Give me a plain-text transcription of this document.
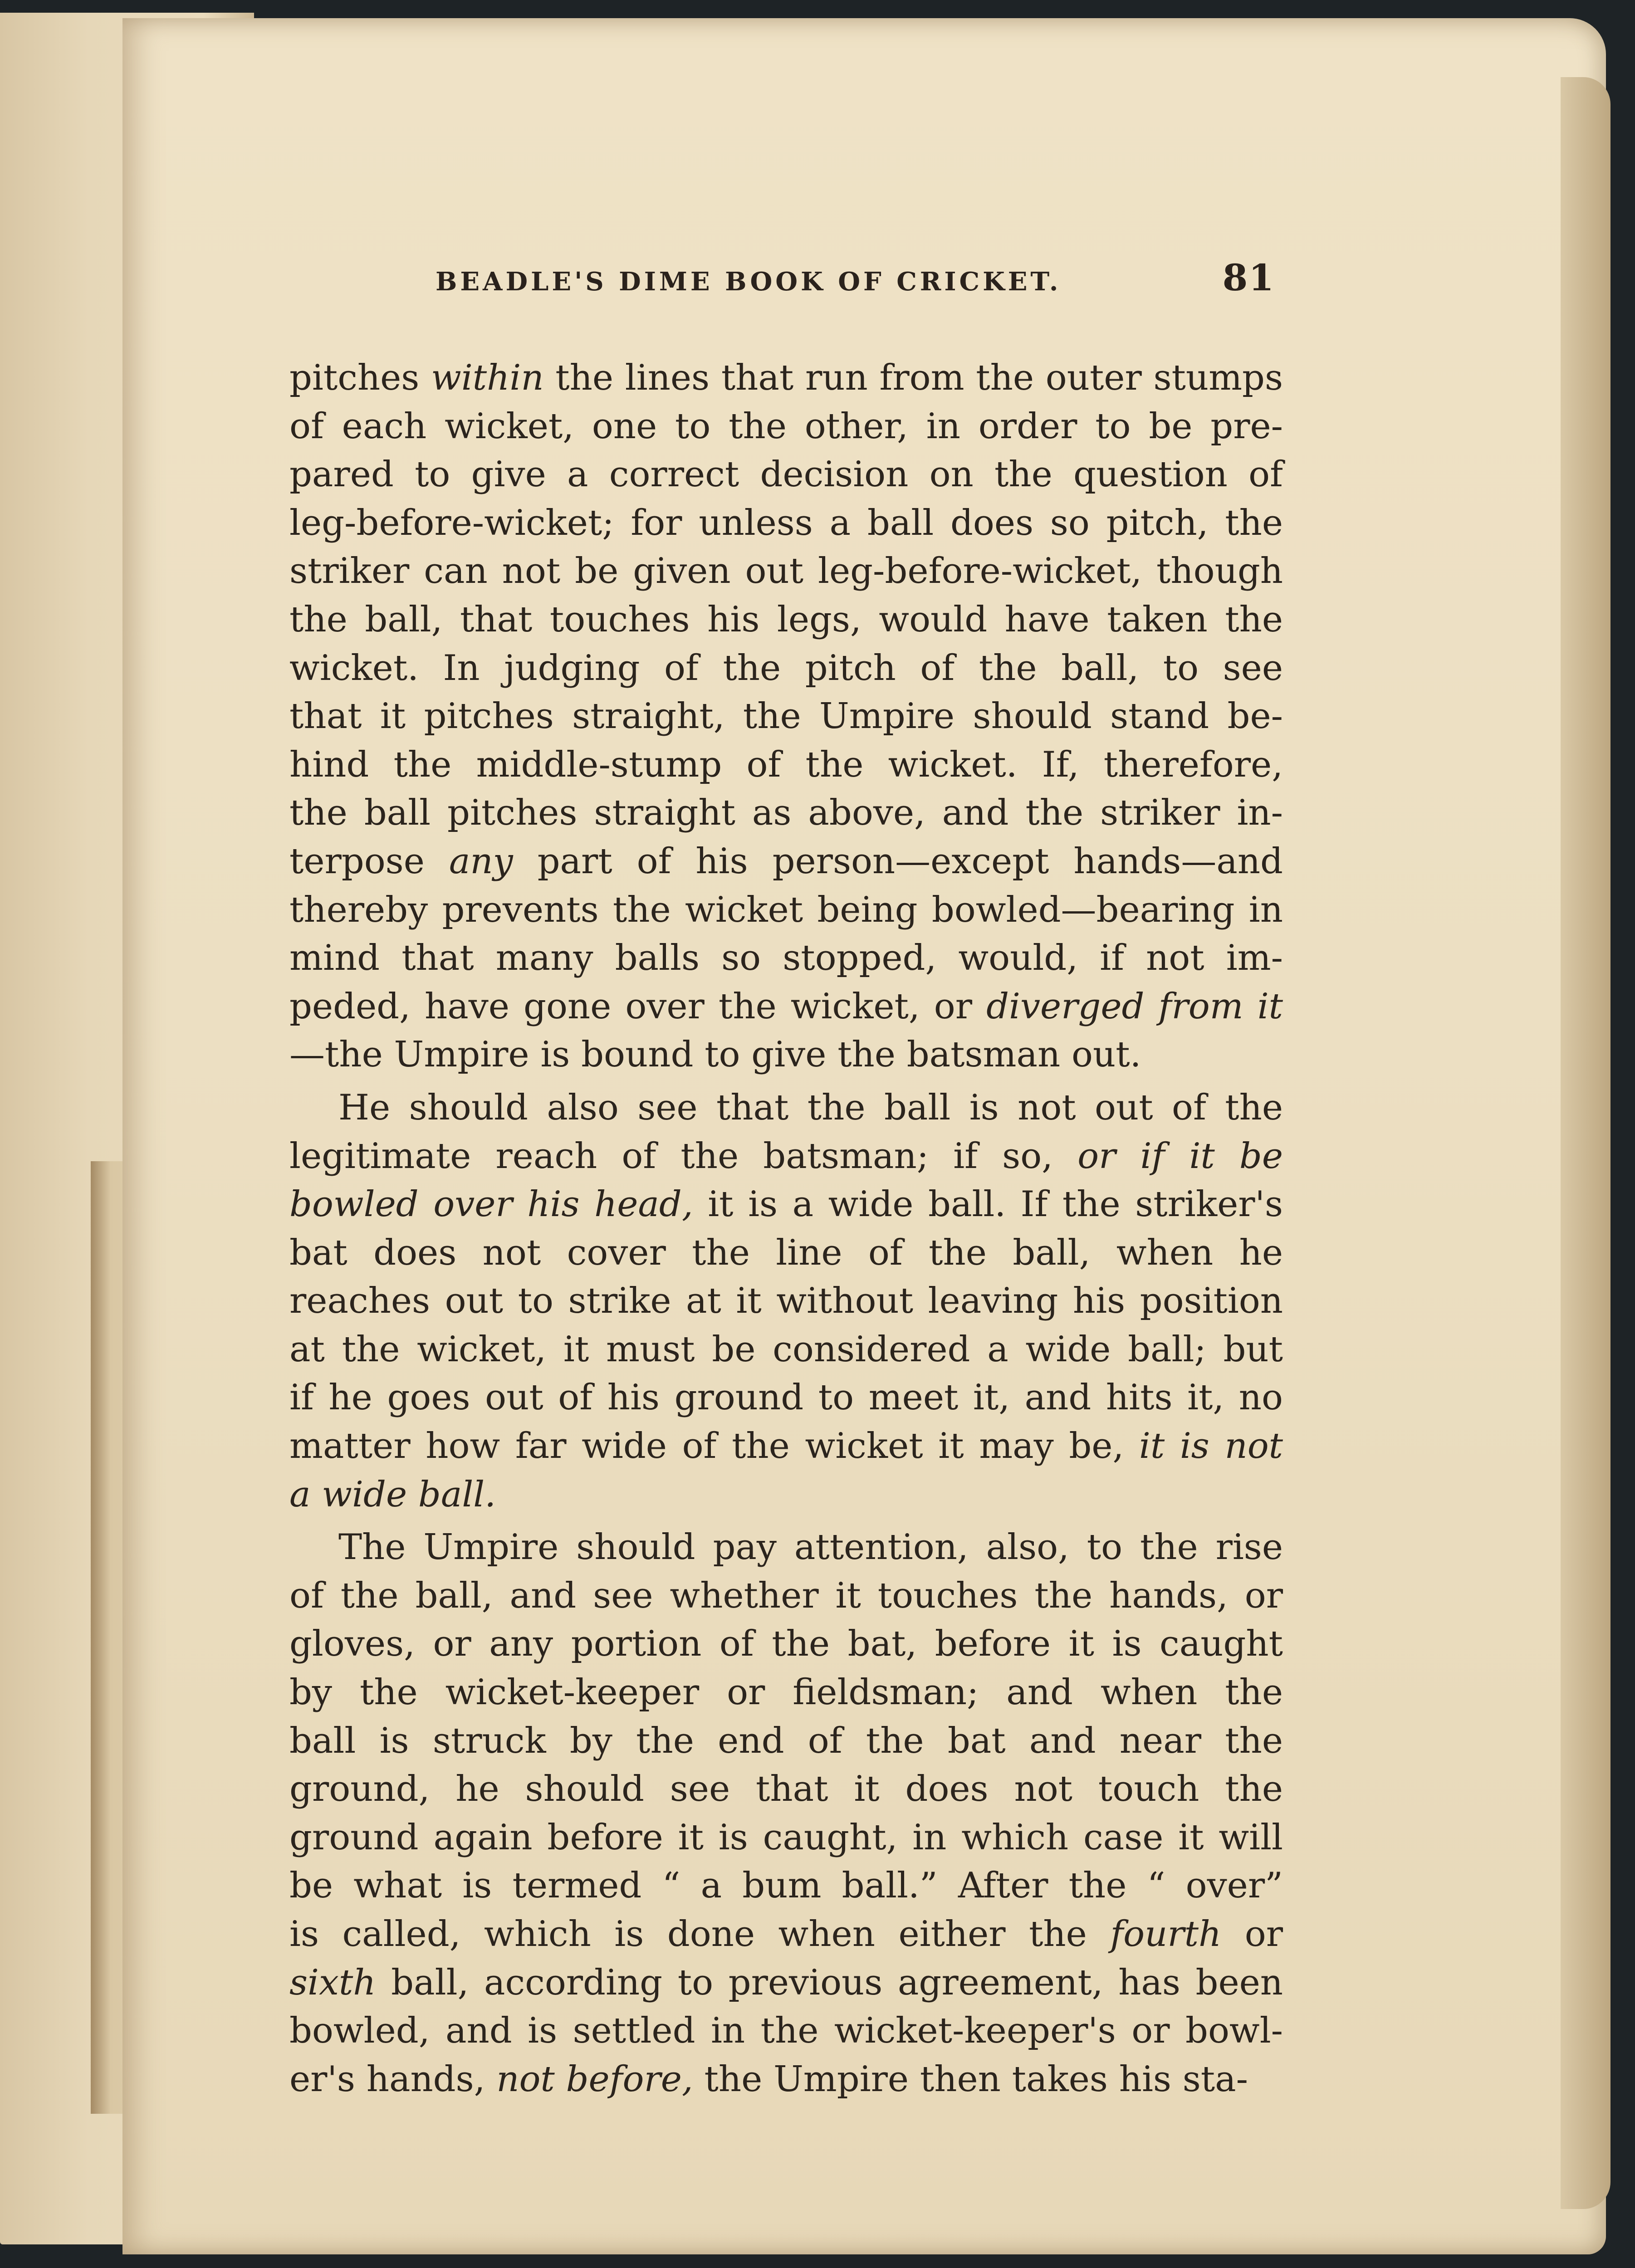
BEADLE'S DIME BOOK OF CRICKET.	81
pitches within the lines that run from the outer stumps
of each wicket, one to the other, in order to be pre-
pared to give a correct decision on the question of
leg-before-wicket; for unless a ball does so pitch, the
striker can not be given out leg-before-wicket, though
the ball, that touches his legs, would have taken the
wicket. In judging of the pitch of the ball, to see
that it pitches straight, the Umpire should stand be-
hind the middle-stump of the wicket. If, therefore,
the ball pitches straight as above, and the striker in-
terpose any part of his person—except hands—and
thereby prevents the wicket being bowled—bearing in
mind that many balls so stopped, would, if not im-
peded, have gone over the wicket, or diverged from it
—the Umpire is bound to give the batsman out.
He should also see that the ball is not out of the
legitimate reach of the batsman; if so, or if it be
bowled over his head, it is a wide ball. If the striker's
bat does not cover the line of the ball, when he
reaches out to strike at it without leaving his position
at the wicket, it must be considered a wide ball; but
if he goes out of his ground to meet it, and hits it, no
matter how far wide of the wicket it may be, it is not
a wide ball.
The Umpire should pay attention, also, to the rise
of the ball, and see whether it touches the hands, or
gloves, or any portion of the bat, before it is caught
by the wicket-keeper or fieldsman; and when the
ball is struck by the end of the bat and near the
ground, he should see that it does not touch the
ground again before it is caught, in which case it will
be what is termed “ a bum ball.” After the “ over”
is called, which is done when either the fourth or
sixth ball, according to previous agreement, has been
bowled, and is settled in the wicket-keeper's or bowl-
er's hands, not before, the Umpire then takes his sta-
